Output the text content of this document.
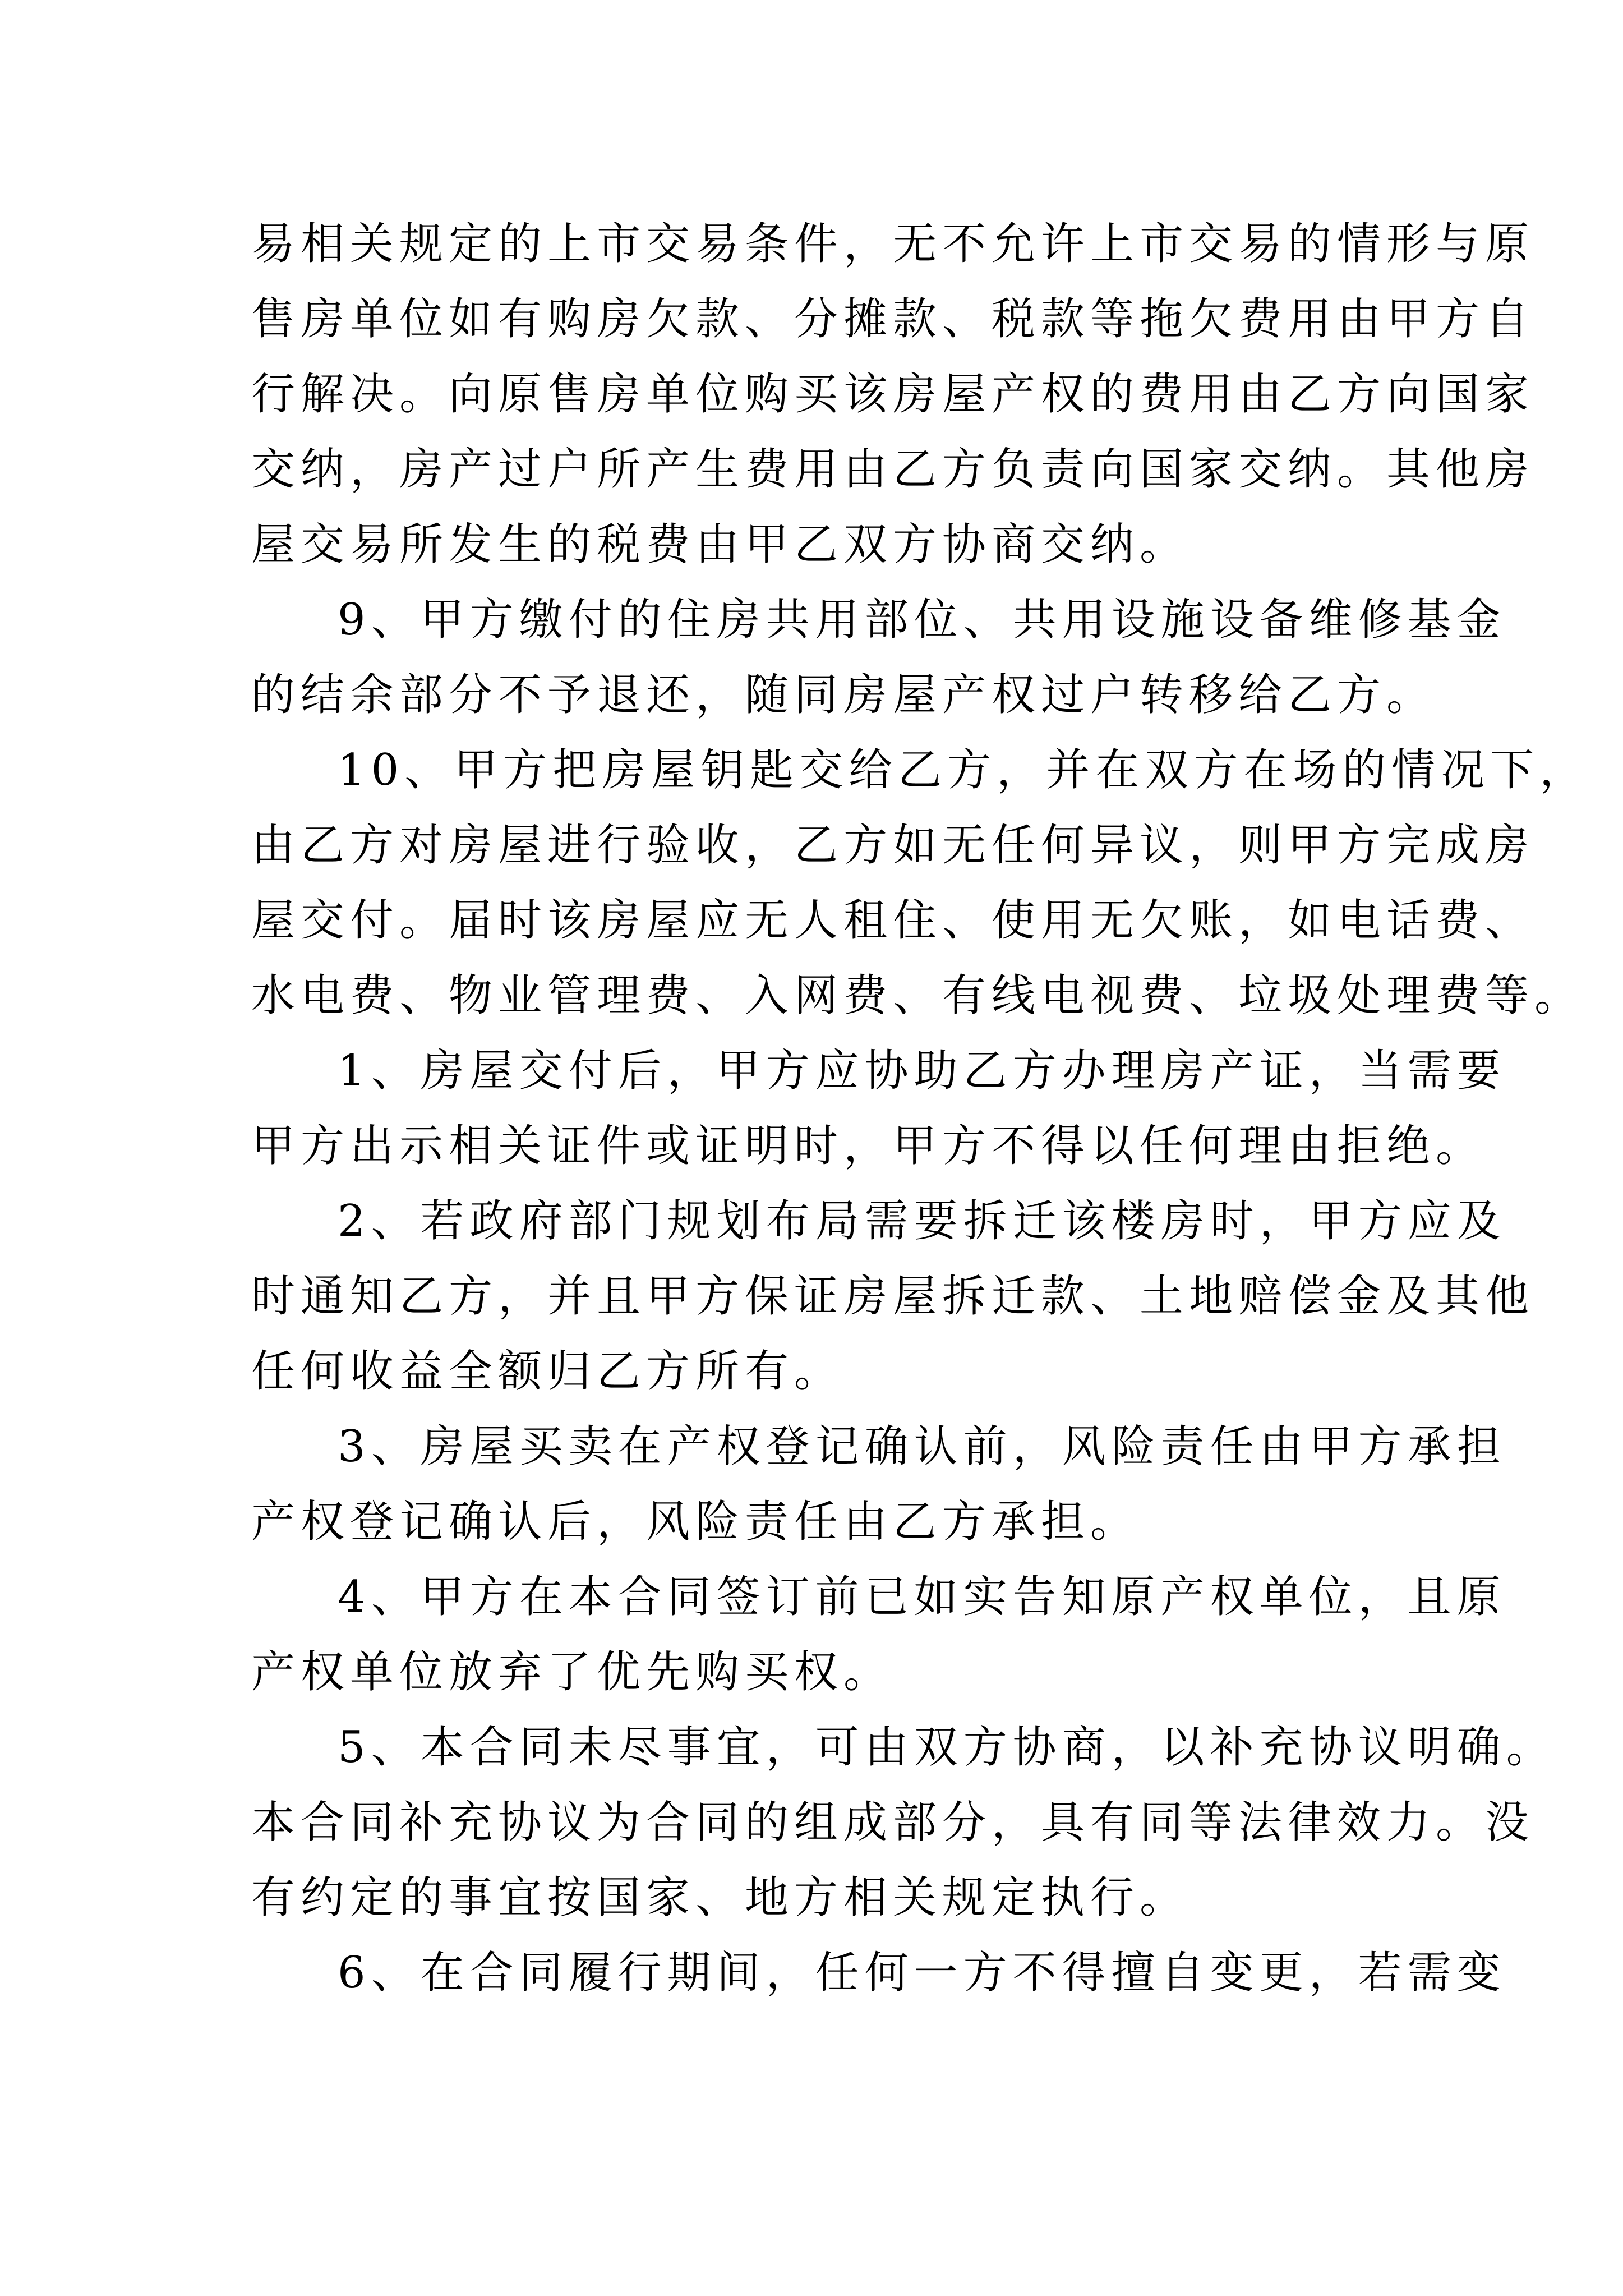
易相关规定的上市交易条件，无不允许上市交易的情形与原
售房单位如有购房欠款、分摊款、税款等拖欠费用由甲方自
行解决。向原售房单位购买该房屋产权的费用由乙方向国家
交纳，房产过户所产生费用由乙方负责向国家交纳。其他房
屋交易所发生的税费由甲乙双方协商交纳。
9、甲方缴付的住房共用部位、共用设施设备维修基金
的结余部分不予退还，随同房屋产权过户转移给乙方。
10、甲方把房屋钥匙交给乙方，并在双方在场的情况下，
由乙方对房屋进行验收，乙方如无任何异议，则甲方完成房
屋交付。届时该房屋应无人租住、使用无欠账，如电话费、
水电费、物业管理费、入网费、有线电视费、垃圾处理费等。
1、房屋交付后，甲方应协助乙方办理房产证，当需要
甲方出示相关证件或证明时，甲方不得以任何理由拒绝。
2、若政府部门规划布局需要拆迁该楼房时，甲方应及
时通知乙方，并且甲方保证房屋拆迁款、土地赔偿金及其他
任何收益全额归乙方所有。
3、房屋买卖在产权登记确认前，风险责任由甲方承担
产权登记确认后，风险责任由乙方承担。
4、甲方在本合同签订前已如实告知原产权单位，且原
产权单位放弃了优先购买权。
5、本合同未尽事宜，可由双方协商，以补充协议明确。
本合同补充协议为合同的组成部分，具有同等法律效力。没
有约定的事宜按国家、地方相关规定执行。
6、在合同履行期间，任何一方不得擅自变更，若需变
